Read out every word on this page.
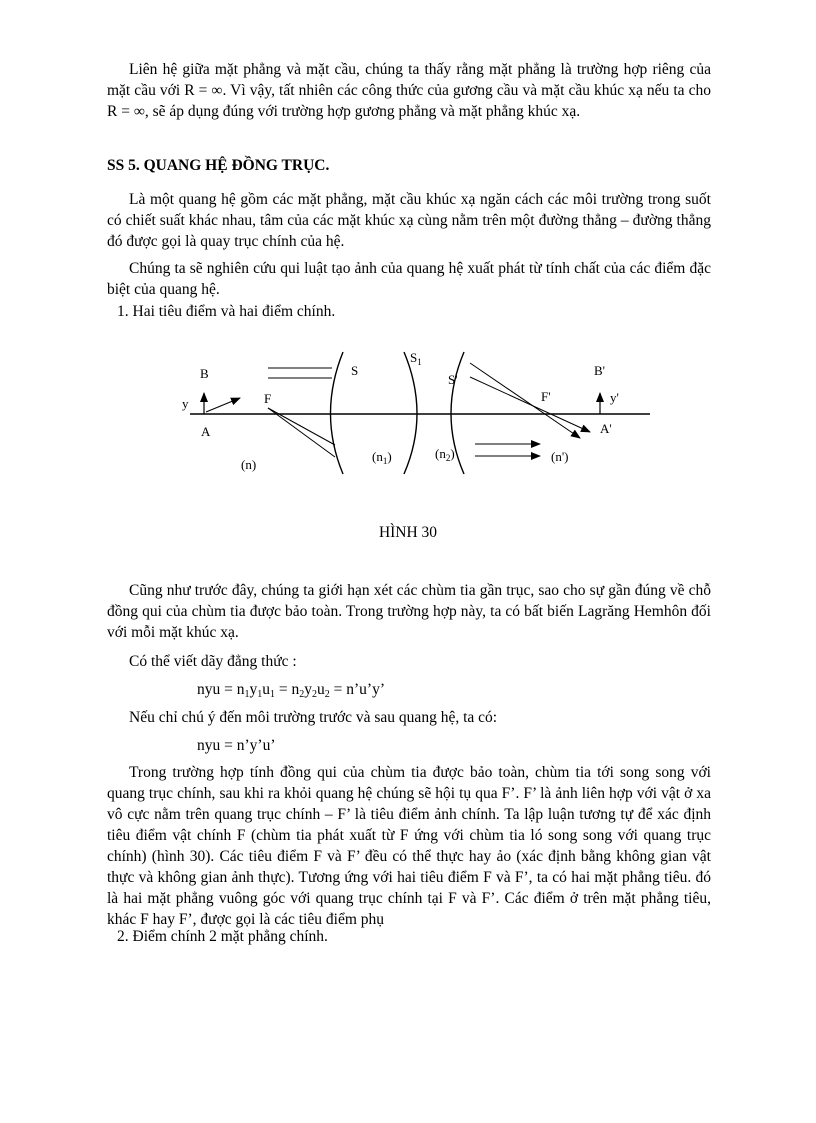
Liên hệ giữa mặt phẳng và mặt cầu, chúng ta thấy rằng mặt phẳng là trường hợp riêng của mặt cầu với R = ∞. Vì vậy, tất nhiên các công thức của gương cầu và mặt cầu khúc xạ nếu ta cho R = ∞, sẽ áp dụng đúng với trường hợp gương phẳng và mặt phẳng khúc xạ.

SS 5. QUANG HỆ ĐỒNG TRỤC.

Là một quang hệ gồm các mặt phẳng, mặt cầu khúc xạ ngăn cách các môi trường trong suốt có chiết suất khác nhau, tâm của các mặt khúc xạ cùng nằm trên một đường thẳng – đường thẳng đó được gọi là quay trục chính của hệ.

Chúng ta sẽ nghiên cứu qui luật tạo ảnh của quang hệ xuất phát từ tính chất của các điểm đặc biệt của quang hệ.

1. Hai tiêu điểm và hai điểm chính.

B
y
A
F
(n)
S
$S_1$
$(n_1)$
S'
$(n_2)$
F'
(n')
B'
y'
A'
HÌNH 30

Cũng như trước đây, chúng ta giới hạn xét các chùm tia gần trục, sao cho sự gần đúng về chỗ đồng qui của chùm tia được bảo toàn. Trong trường hợp này, ta có bất biến Lagrăng Hemhôn đối với mỗi mặt khúc xạ.

Có thể viết dãy đẳng thức :

nyu = $n_1y_1u_1 = n_2y_2u_2$ = n’u’y’

Nếu chỉ chú ý đến môi trường trước và sau quang hệ, ta có:

nyu = n’y’u’

Trong trường hợp tính đồng qui của chùm tia được bảo toàn, chùm tia tới song song với quang trục chính, sau khi ra khỏi quang hệ chúng sẽ hội tụ qua F’. F’ là ảnh liên hợp với vật ở xa vô cực nằm trên quang trục chính – F’ là tiêu điểm ảnh chính. Ta lập luận tương tự để xác định tiêu điểm vật chính F (chùm tia phát xuất từ F ứng với chùm tia ló song song với quang trục chính) (hình 30). Các tiêu điểm F và F’ đều có thể thực hay ảo (xác định bằng không gian vật thực và không gian ảnh thực). Tương ứng với hai tiêu điểm F và F’, ta có hai mặt phẳng tiêu. đó là hai mặt phẳng vuông góc với quang trục chính tại F và F’. Các điểm ở trên mặt phẳng tiêu, khác F hay F’, được gọi là các tiêu điểm phụ

2. Điểm chính 2 mặt phẳng chính.
